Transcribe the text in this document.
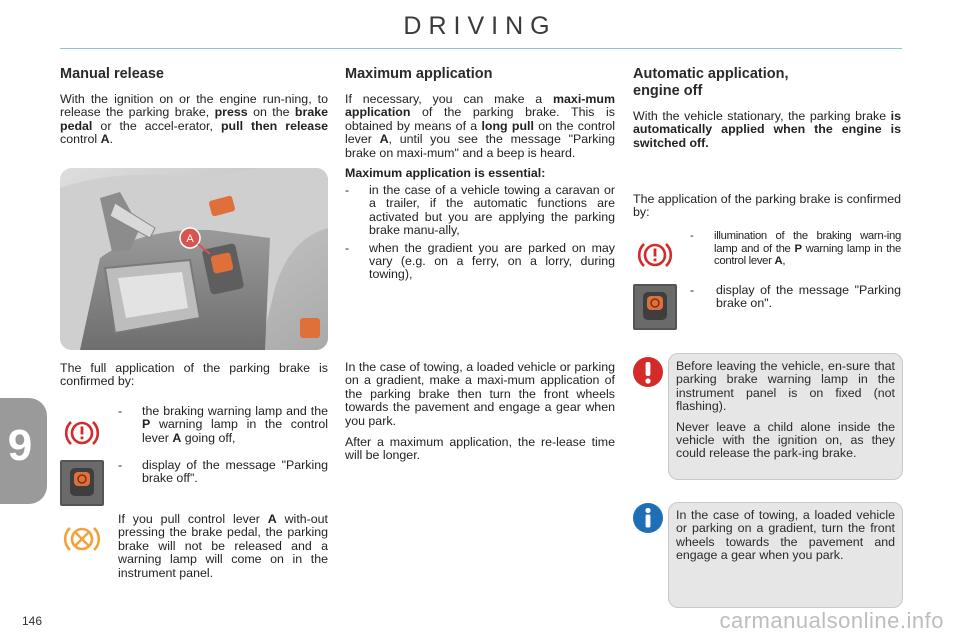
DRIVING
9
146
Manual release

With the ignition on or the engine run-ning, to release the parking brake, press on the brake pedal or the accel-erator, pull then release control A.

A

The full application of the parking brake is confirmed by:

- the braking warning lamp and the P warning lamp in the control lever A going off,
- display of the message "Parking brake off".
If you pull control lever A with-out pressing the brake pedal, the parking brake will not be released and a warning lamp will come on in the instrument panel.
Maximum application

If necessary, you can make a maxi-mum application of the parking brake. This is obtained by means of a long pull on the control lever A, until you see the message "Parking brake on maxi-mum" and a beep is heard.

Maximum application is essential:

- in the case of a vehicle towing a caravan or a trailer, if the automatic functions are activated but you are applying the parking brake manu-ally,
- when the gradient you are parked on may vary (e.g. on a ferry, on a lorry, during towing),

In the case of towing, a loaded vehicle or parking on a gradient, make a maxi-mum application of the parking brake then turn the front wheels towards the pavement and engage a gear when you park.

After a maximum application, the re-lease time will be longer.

Automatic application,
engine off

With the vehicle stationary, the parking brake is automatically applied when the engine is switched off.

The application of the parking brake is confirmed by:

- illumination of the braking warn-ing lamp and of the P warning lamp in the control lever A,
- display of the message "Parking brake on".

Before leaving the vehicle, en-sure that parking brake warning lamp in the instrument panel is on fixed (not flashing).

Never leave a child alone inside the vehicle with the ignition on, as they could release the park-ing brake.

In the case of towing, a loaded vehicle or parking on a gradient, turn the front wheels towards the pavement and engage a gear when you park.

carmanualsonline.info
